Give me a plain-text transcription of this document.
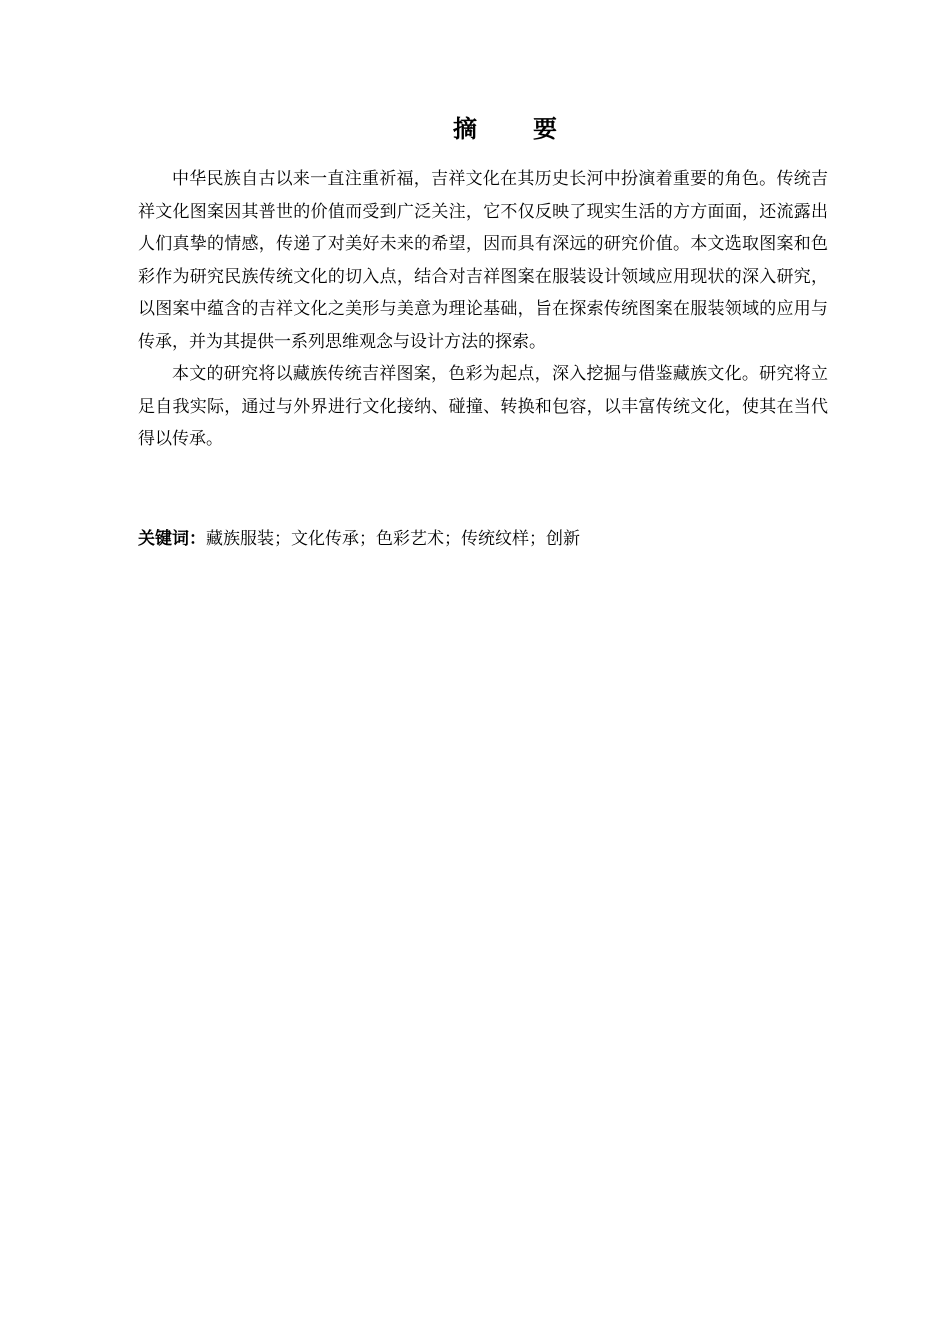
摘　要

中华民族自古以来一直注重祈福，吉祥文化在其历史长河中扮演着重要的角色。传统吉祥文化图案因其普世的价值而受到广泛关注，它不仅反映了现实生活的方方面面，还流露出人们真挚的情感，传递了对美好未来的希望，因而具有深远的研究价值。本文选取图案和色彩作为研究民族传统文化的切入点，结合对吉祥图案在服装设计领域应用现状的深入研究，以图案中蕴含的吉祥文化之美形与美意为理论基础，旨在探索传统图案在服装领域的应用与传承，并为其提供一系列思维观念与设计方法的探索。

本文的研究将以藏族传统吉祥图案，色彩为起点，深入挖掘与借鉴藏族文化。研究将立足自我实际，通过与外界进行文化接纳、碰撞、转换和包容，以丰富传统文化，使其在当代得以传承。

关键词：藏族服装；文化传承；色彩艺术；传统纹样；创新
